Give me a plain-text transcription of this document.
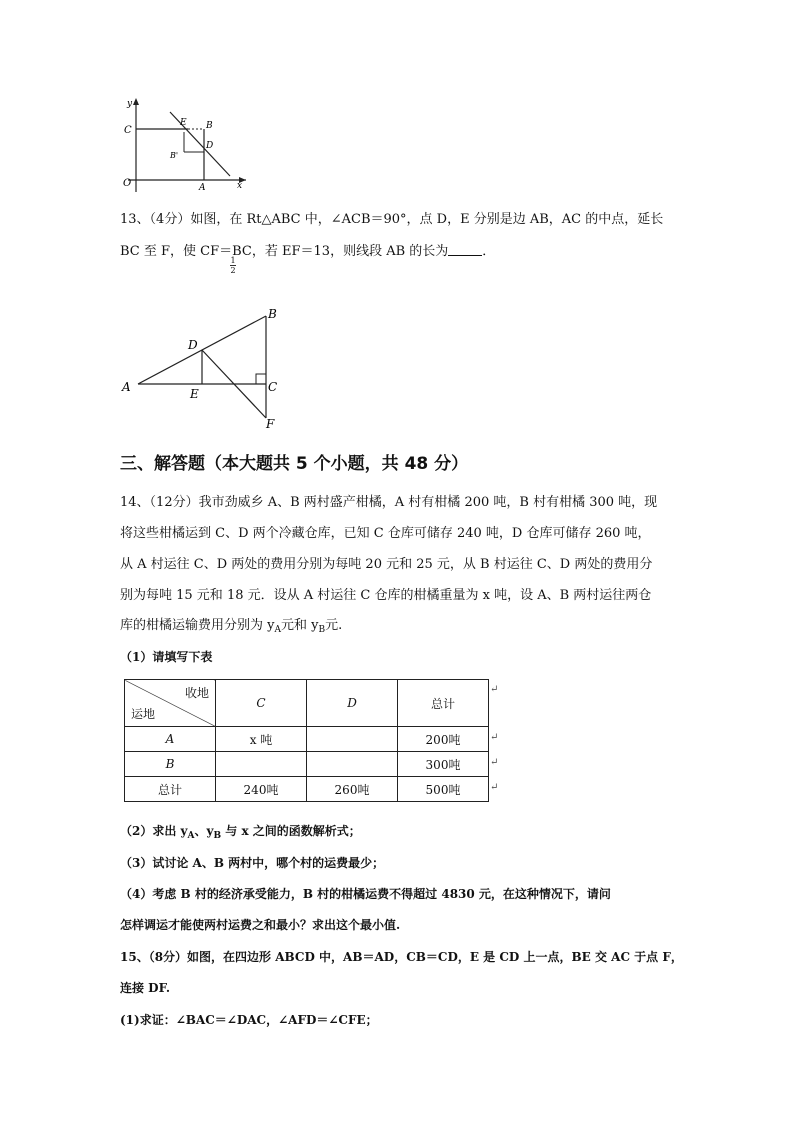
y
x
O
C
E B
D
B'
A
13、（4分）如图，在 Rt△ABC 中，∠ACB＝90°，点 D，E 分别是边 AB，AC 的中点，延长
BC 至 F，使 CF＝BC，若 EF＝13，则线段 AB 的长为	．
1
2
A
B
C
D
E
F
三、解答题（本大题共 5 个小题，共 48 分）
14、（12分）我市劲威乡 A、B 两村盛产柑橘，A 村有柑橘 200 吨，B 村有柑橘 300 吨，现
将这些柑橘运到 C、D 两个冷藏仓库，已知 C 仓库可储存 240 吨，D 仓库可储存 260 吨，
从 A 村运往 C、D 两处的费用分别为每吨 20 元和 25 元，从 B 村运往 C、D 两处的费用分
别为每吨 15 元和 18 元．设从 A 村运往 C 仓库的柑橘重量为 x 吨，设 A、B 两村运往两仓
库的柑橘运输费用分别为 $y_A$元和 $y_B$元.
（1）请填写下表
收地
运地	C	D	总计
A	x 吨		200吨
B			300吨
总计	240吨	260吨	500吨
↵
↵
↵
↵
（2）求出 $y_A$、$y_B$ 与 x 之间的函数解析式；
（3）试讨论 A、B 两村中，哪个村的运费最少；
（4）考虑 B 村的经济承受能力，B 村的柑橘运费不得超过 4830 元，在这种情况下，请问
怎样调运才能使两村运费之和最小？求出这个最小值.
15、（8分）如图，在四边形 ABCD 中，AB＝AD，CB＝CD，E 是 CD 上一点，BE 交 AC 于点 F，
连接 DF.
(1)求证：∠BAC＝∠DAC，∠AFD＝∠CFE；
